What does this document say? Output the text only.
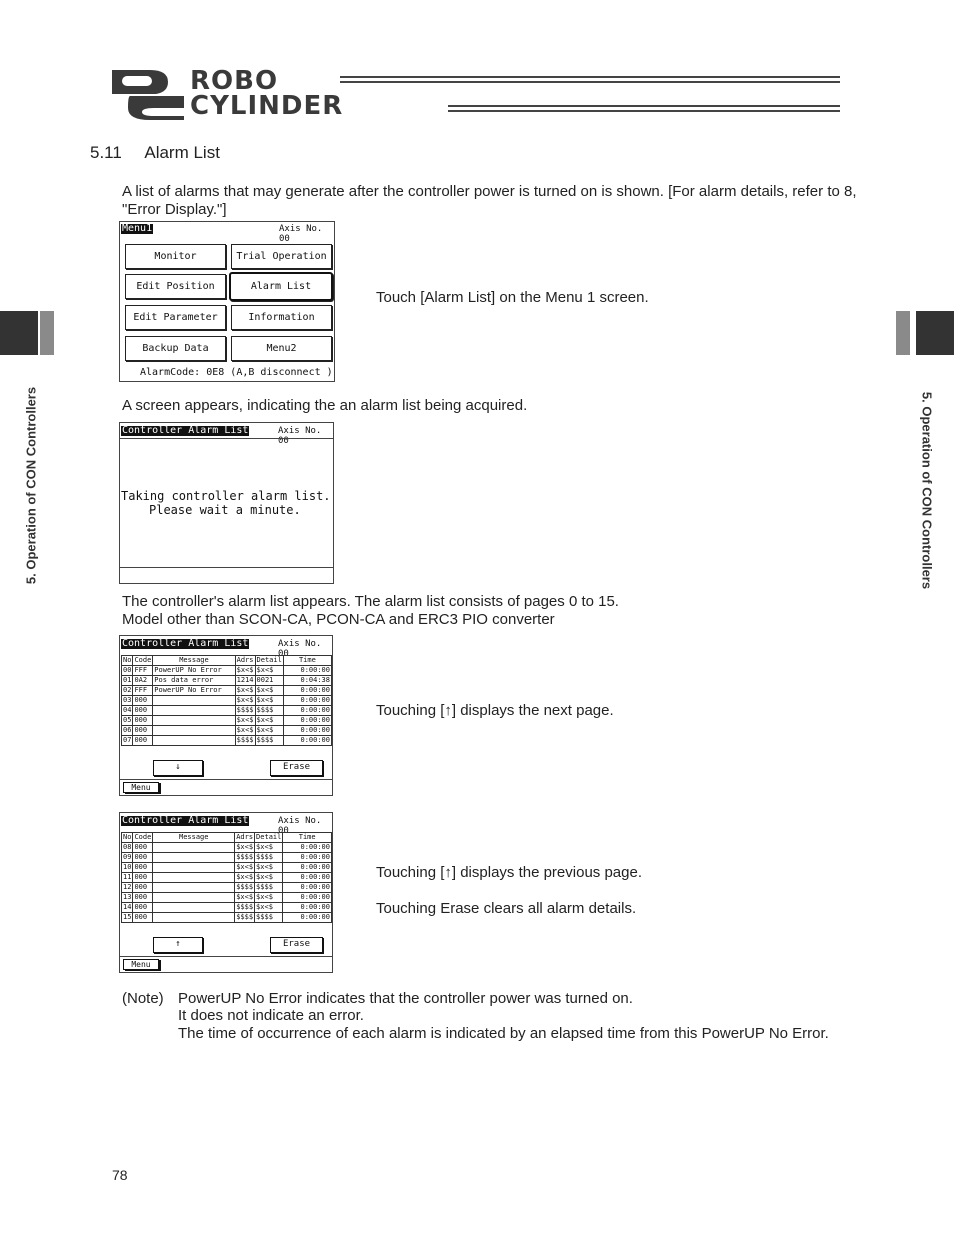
ROBO
CYLINDER
5. Operation of CON Controllers	5. Operation of CON Controllers
5.11 Alarm List
A list of alarms that may generate after the controller power is turned on is shown. [For alarm details, refer to 8, "Error Display."]
Menu1	Axis No. 00
Monitor	Trial Operation
Edit Position	Alarm List
Edit Parameter	Information
Backup Data	Menu2
AlarmCode: 0E8 (A,B disconnect )
Touch [Alarm List] on the Menu 1 screen.
A screen appears, indicating the an alarm list being acquired.
Controller Alarm List	Axis No. 00
Taking controller alarm list.
Please wait a minute.
The controller's alarm list appears. The alarm list consists of pages 0 to 15.
Model other than SCON-CA, PCON-CA and ERC3 PIO converter
Controller Alarm List	Axis No. 00
No	Code	Message	Adrs	Detail	Time
00	FFF	PowerUP No Error	$x<$	$x<$	0:00:00
01	0A2	Pos data error	1214	0021	0:04:38
02	FFF	PowerUP No Error	$x<$	$x<$	0:00:00
03	000		$x<$	$x<$	0:00:00
04	000		$$$$	$$$$	0:00:00
05	000		$x<$	$x<$	0:00:00
06	000		$x<$	$x<$	0:00:00
07	000		$$$$	$$$$	0:00:00
↓	Erase
Menu
Touching [↑] displays the next page.
Controller Alarm List	Axis No. 00
No	Code	Message	Adrs	Detail	Time
08	000		$x<$	$x<$	0:00:00
09	000		$$$$	$$$$	0:00:00
10	000		$x<$	$x<$	0:00:00
11	000		$x<$	$x<$	0:00:00
12	000		$$$$	$$$$	0:00:00
13	000		$x<$	$x<$	0:00:00
14	000		$$$$	$x<$	0:00:00
15	000		$$$$	$$$$	0:00:00
↑	Erase
Menu
Touching [↑] displays the previous page.
Touching Erase clears all alarm details.
(Note) PowerUP No Error indicates that the controller power was turned on.
It does not indicate an error.
The time of occurrence of each alarm is indicated by an elapsed time from this PowerUP No Error.
78
